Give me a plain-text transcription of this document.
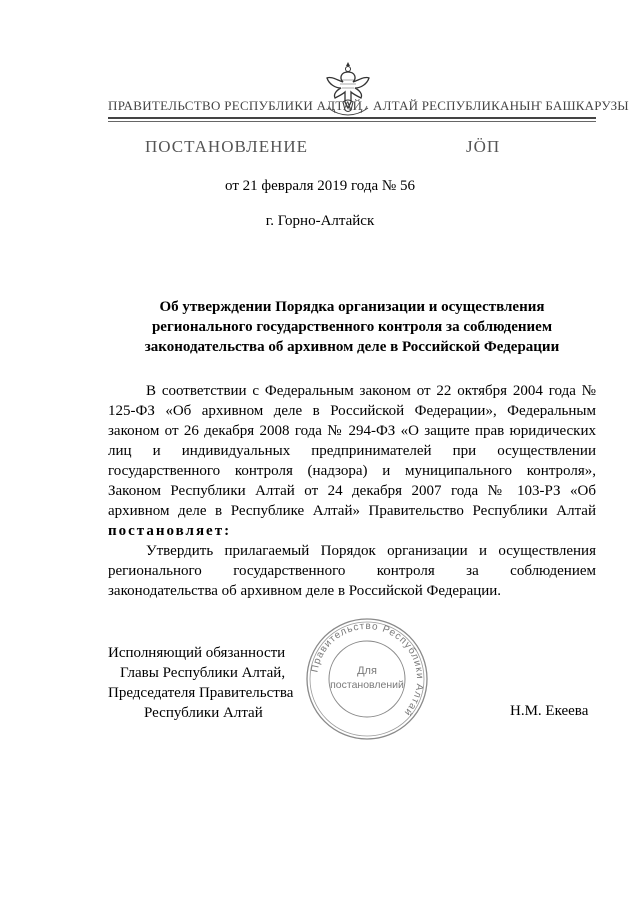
ПРАВИТЕЛЬСТВО РЕСПУБЛИКИ АЛТАЙ АЛТАЙ РЕСПУБЛИКАНЫҤ БАШКАРУЗЫ
ПОСТАНОВЛЕНИЕ	ЈÖП
от 21 февраля 2019 года № 56
г. Горно-Алтайск
Об утверждении Порядка организации и осуществления регионального государственного контроля за соблюдением законодательства об архивном деле в Российской Федерации
В соответствии с Федеральным законом от 22 октября 2004 года № 125-ФЗ «Об архивном деле в Российской Федерации», Федеральным законом от 26 декабря 2008 года № 294-ФЗ «О защите прав юридических лиц и индивидуальных предпринимателей при осуществлении государственного контроля (надзора) и муниципального контроля», Законом Республики Алтай от 24 декабря 2007 года № 103-РЗ «Об архивном деле в Республике Алтай» Правительство Республики Алтай постановляет:
Утвердить прилагаемый Порядок организации и осуществления регионального государственного контроля за соблюдением законодательства об архивном деле в Российской Федерации.
Исполняющий обязанности
Главы Республики Алтай,
Председателя Правительства
Республики Алтай	Н.М. Екеева
Правительство Республики Алтай
Для
постановлений
